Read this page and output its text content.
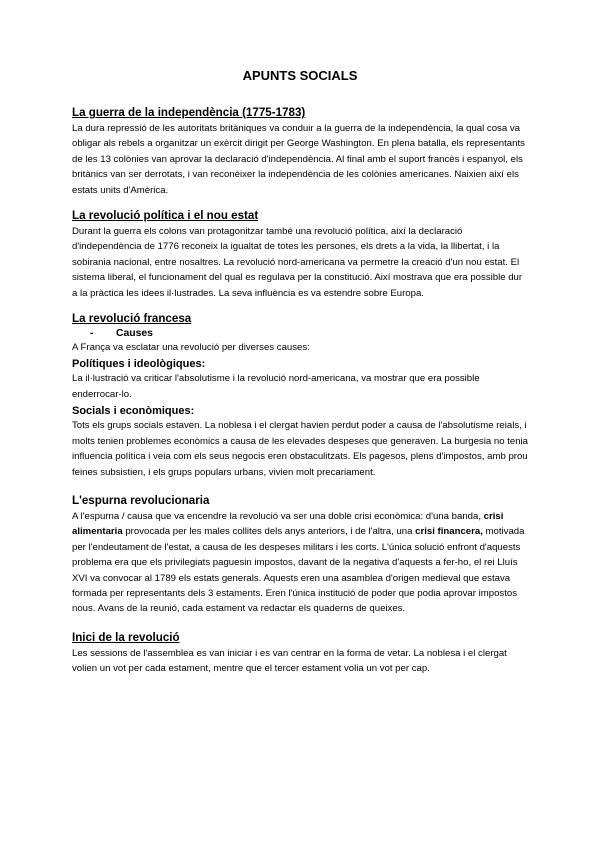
APUNTS SOCIALS
La guerra de la independència (1775-1783)

La dura repressió de les autoritats britàniques va conduir a la guerra de la independència, la qual cosa va obligar als rebels a organitzar un exèrcit dirigit per George Washington. En plena batalla, els representants de les 13 colònies van aprovar la declaració d'independència. Al final amb el suport francès i espanyol, els britànics van ser derrotats, i van reconèixer la independència de les colònies americanes. Naixien així els estats units d'Amèrica.

La revolució política i el nou estat

Durant la guerra els colons van protagonitzar també una revolució política, així la declaració d'independència de 1776 reconeix la igualtat de totes les persones, els drets a la vida, la llibertat, i la sobirania nacional, entre nosaltres. La revolució nord-americana va permetre la creació d'un nou estat. El sistema liberal, el funcionament del qual es regulava per la constitució. Així mostrava que era possible dur a la pràctica les idees il·lustrades. La seva influència es va estendre sobre Europa.

La revolució francesa
- Causes

A França va esclatar una revolució per diverses causes:

Polítiques i ideològiques:

La il·lustració va criticar l'absolutisme i la revolució nord-americana, va mostrar que era possible enderrocar-lo.

Socials i econòmiques:

Tots els grups socials estaven. La noblesa i el clergat havien perdut poder a causa de l'absolutisme reials, i molts tenien problemes econòmics a causa de les elevades despeses que generaven. La burgesia no tenia influencia política i veia com els seus negocis eren obstaculitzats. Els pagesos, plens d'impostos, amb prou feines subsistien, i els grups populars urbans, vivien molt precariament.

L'espurna revolucionaria

A l'espurna / causa que va encendre la revolució va ser una doble crisi econòmica: d'una banda, crisi alimentaria provocada per les males collites dels anys anteriors, i de l'altra, una crisi financera, motivada per l'endeutament de l'estat, a causa de les despeses militars i les corts. L'única solució enfront d'aquests problema era que els privilegiats paguesin impostos, davant de la negativa d'aquests a fer-ho, el rei Lluís XVI va convocar al 1789 els estats generals. Aquests eren una asamblea d'origen medieval que estava formada per representants dels 3 estaments. Eren l'única institució de poder que podia aprovar impostos nous. Avans de la reunió, cada estament va redactar els quaderns de queixes.

Inici de la revolució

Les sessions de l'assemblea es van iniciar i es van centrar en la forma de vetar. La noblesa i el clergat volien un vot per cada estament, mentre que el tercer estament volia un vot per cap.
